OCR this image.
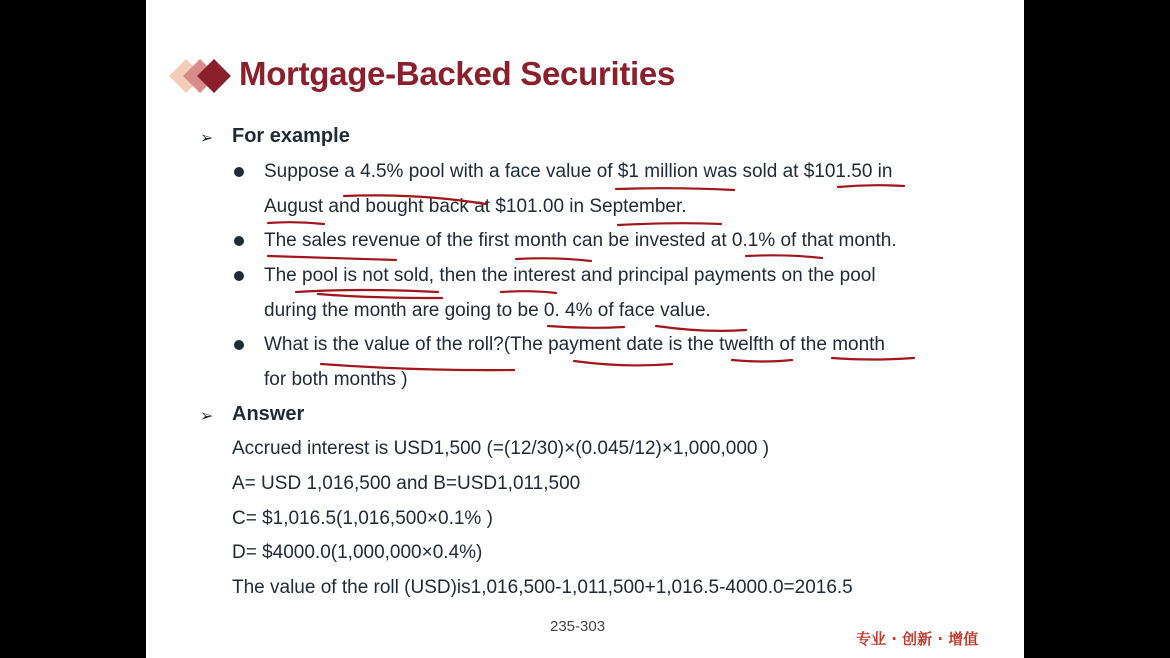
Mortgage-Backed Securities
➢ For example
Suppose a 4.5% pool with a face value of $1 million was sold at $101.50 in
August and bought back at $101.00 in September.
The sales revenue of the first month can be invested at 0.1% of that month.
The pool is not sold, then the interest and principal payments on the pool
during the month are going to be 0. 4% of face value.
What is the value of the roll?(The payment date is the twelfth of the month
for both months )
➢ Answer
Accrued interest is USD1,500 (=(12/30)×(0.045/12)×1,000,000 )
A= USD 1,016,500 and B=USD1,011,500
C= $1,016.5(1,016,500×0.1% )
D= $4000.0(1,000,000×0.4%)
The value of the roll (USD)is1,016,500-1,011,500+1,016.5-4000.0=2016.5
235-303
专业 · 创新 · 增值
